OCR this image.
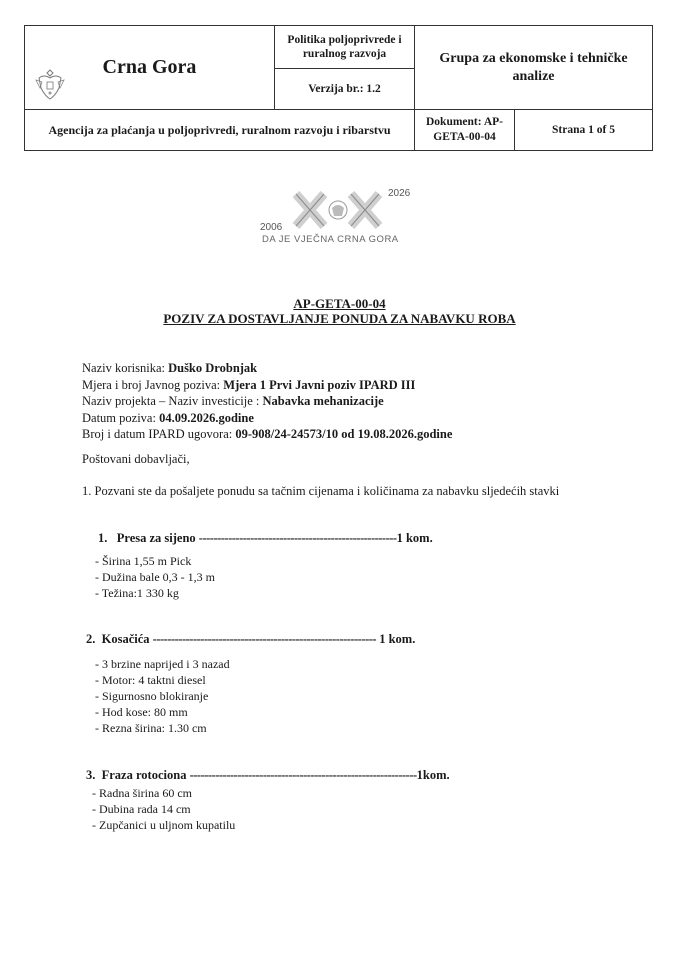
Crna Gora	Politika poljoprivrede i ruralnog razvoja	Grupa za ekonomske i tehničke analize	
	Verzija br.: 1.2		
Agencija za plaćanja u poljoprivredi, ruralnom razvoju i ribarstvu		Dokument: AP-GETA-00-04	Strana 1 of 5
2006
2026
DA JE VJEČNA CRNA GORA
AP-GETA-00-04
POZIV ZA DOSTAVLJANJE PONUDA ZA NABAVKU ROBA
Naziv korisnika: Duško Drobnjak
Mjera i broj Javnog poziva: Mjera 1 Prvi Javni poziv IPARD III
Naziv projekta – Naziv investicije : Nabavka mehanizacije
Datum poziva: 04.09.2026.godine
Broj i datum IPARD ugovora: 09-908/24-24573/10 od 19.08.2026.godine
Poštovani dobavljači,
1. Pozvani ste da pošaljete ponudu sa tačnim cijenama i količinama za nabavku sljedećih stavki
1. Presa za sijeno ------------------------------------------------------1 kom.
- Širina 1,55 m Pick
- Dužina bale 0,3 - 1,3 m
- Težina:1 330 kg
2. Kosačića ------------------------------------------------------------- 1 kom.
- 3 brzine naprijed i 3 nazad
- Motor: 4 taktni diesel
- Sigurnosno blokiranje
- Hod kose: 80 mm
- Rezna širina: 1.30 cm
3. Fraza rotociona --------------------------------------------------------------1kom.
- Radna širina 60 cm
- Dubina rada 14 cm
- Zupčanici u uljnom kupatilu
